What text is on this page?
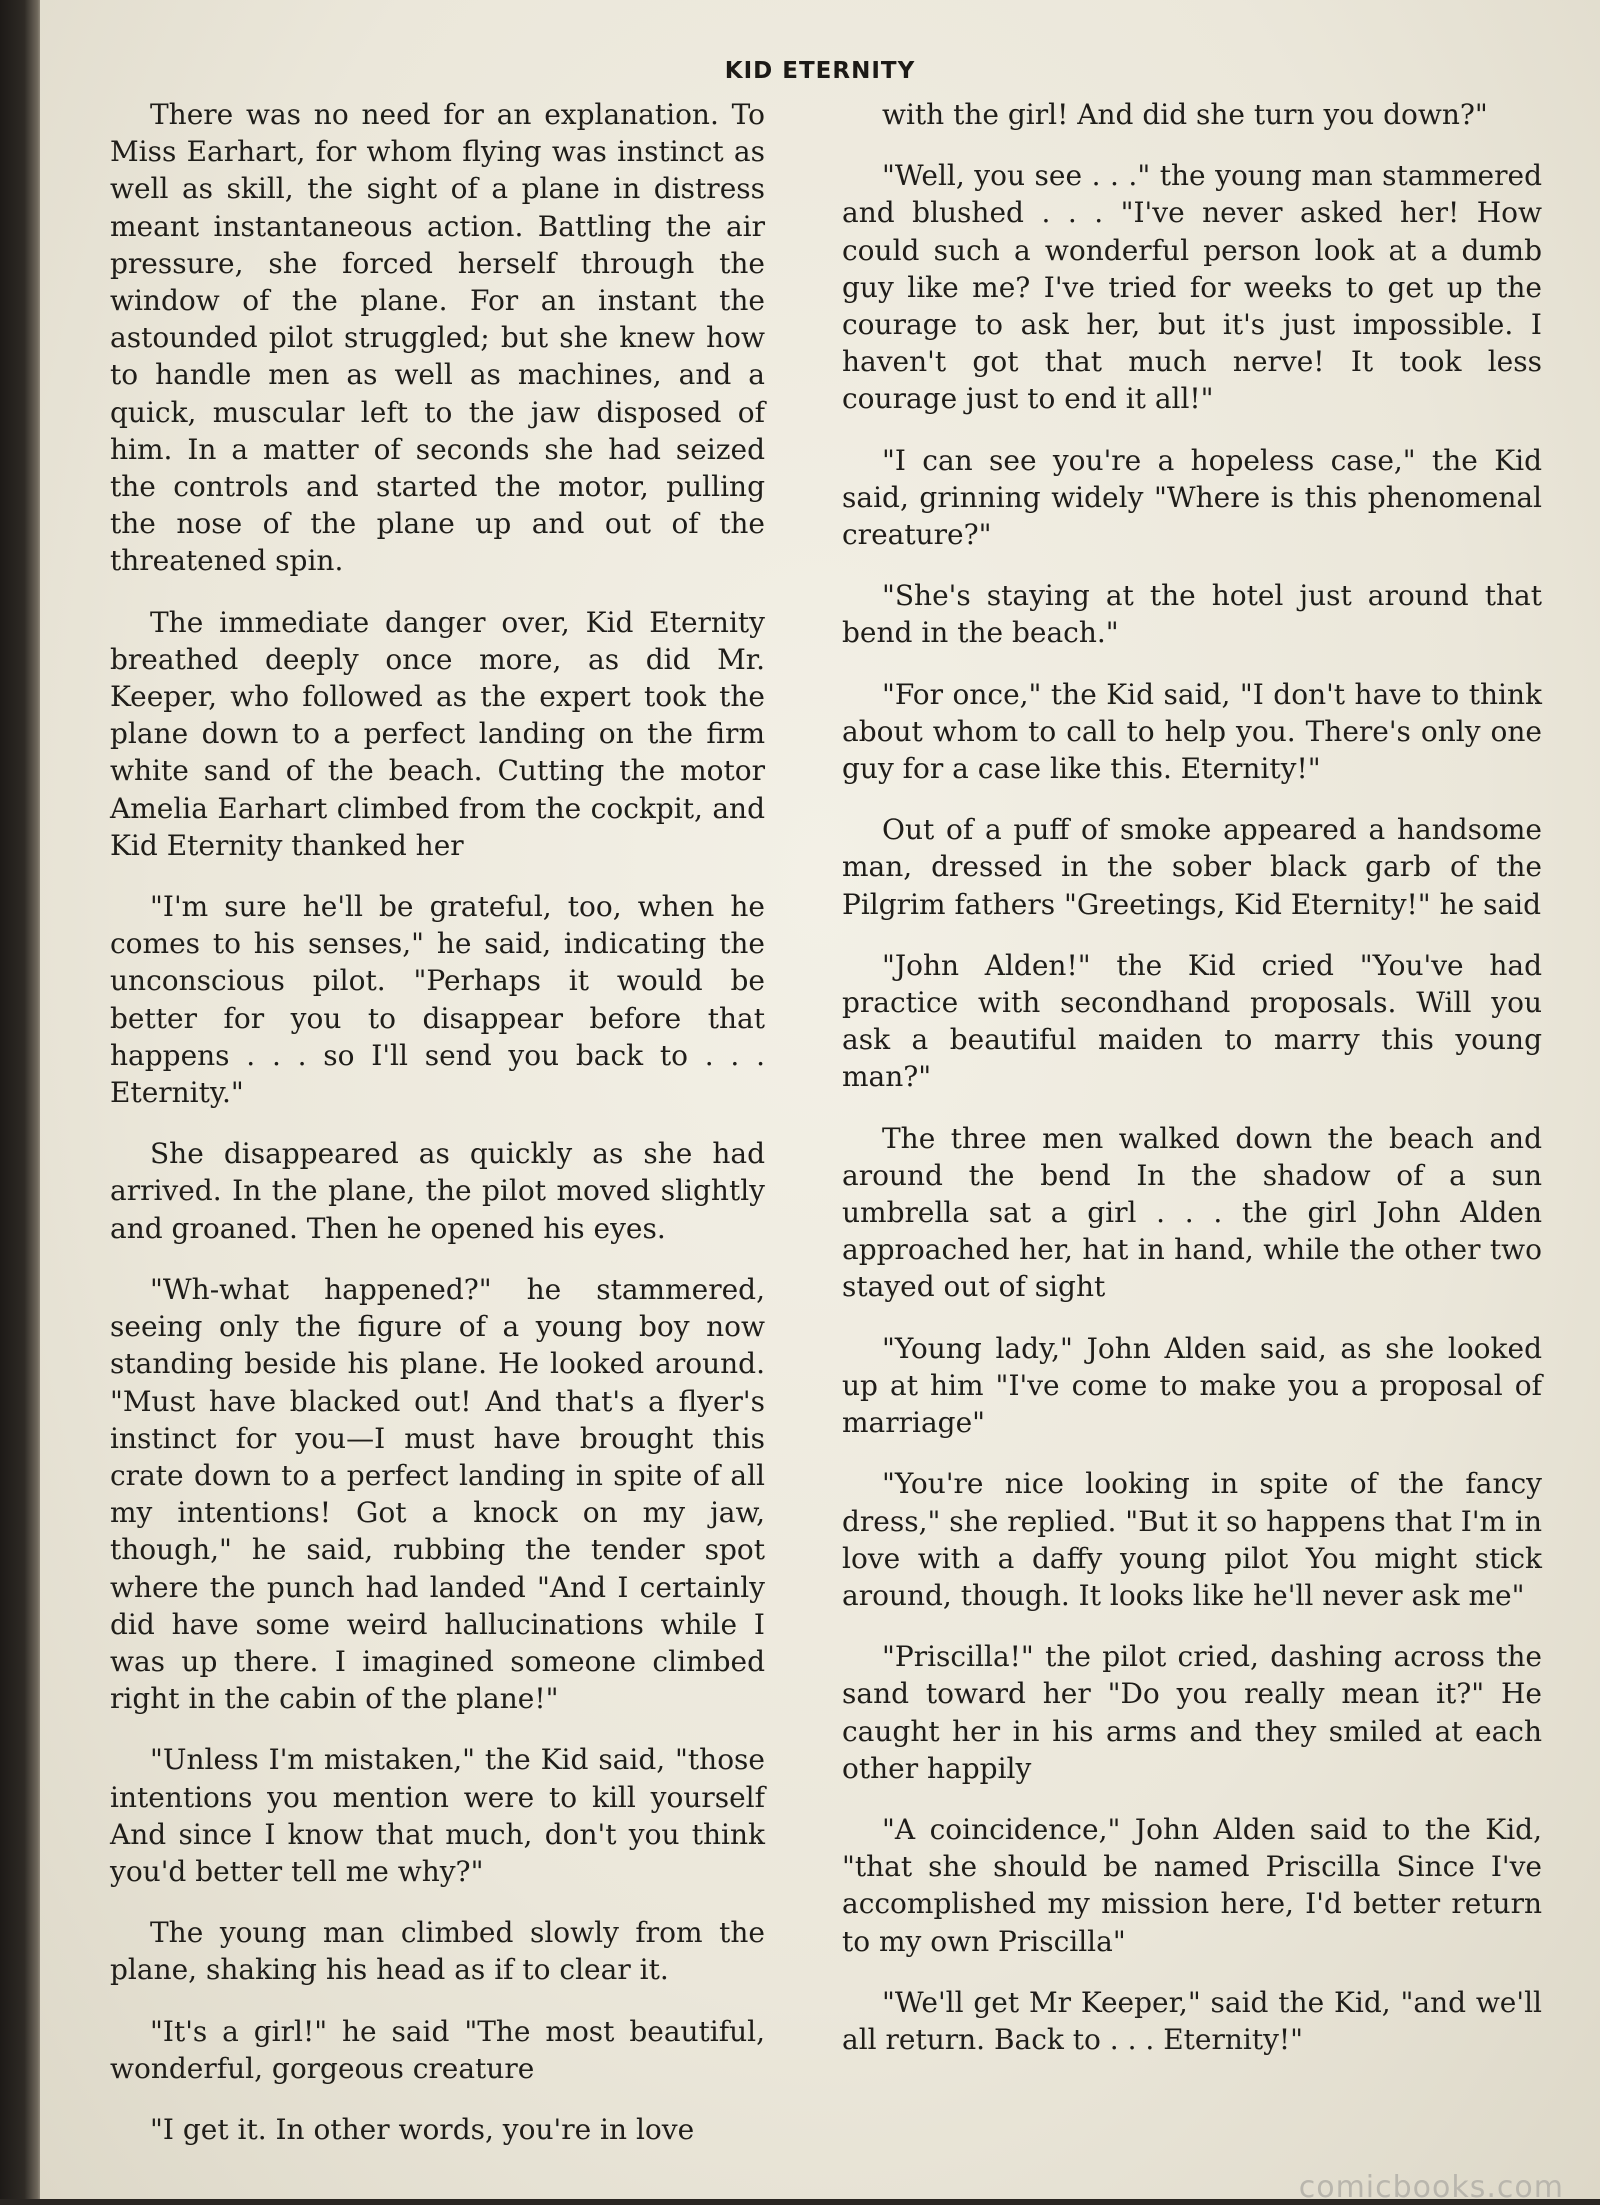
KID ETERNITY

There was no need for an explanation. To Miss Earhart, for whom flying was instinct as well as skill, the sight of a plane in distress meant instantaneous action. Battling the air pressure, she forced herself through the window of the plane. For an instant the astounded pilot struggled; but she knew how to handle men as well as machines, and a quick, muscular left to the jaw disposed of him. In a matter of seconds she had seized the controls and started the motor, pulling the nose of the plane up and out of the threatened spin.

The immediate danger over, Kid Eternity breathed deeply once more, as did Mr. Keeper, who followed as the expert took the plane down to a perfect landing on the firm white sand of the beach. Cutting the motor Amelia Earhart climbed from the cockpit, and Kid Eternity thanked her

"I'm sure he'll be grateful, too, when he comes to his senses," he said, indicating the unconscious pilot. "Perhaps it would be better for you to disappear before that happens . . . so I'll send you back to . . . Eternity."

She disappeared as quickly as she had arrived. In the plane, the pilot moved slightly and groaned. Then he opened his eyes.

"Wh-what happened?" he stammered, seeing only the figure of a young boy now standing beside his plane. He looked around. "Must have blacked out! And that's a flyer's instinct for you—I must have brought this crate down to a perfect landing in spite of all my intentions! Got a knock on my jaw, though," he said, rubbing the tender spot where the punch had landed "And I certainly did have some weird hallucinations while I was up there. I imagined someone climbed right in the cabin of the plane!"

"Unless I'm mistaken," the Kid said, "those intentions you mention were to kill yourself And since I know that much, don't you think you'd better tell me why?"

The young man climbed slowly from the plane, shaking his head as if to clear it.

"It's a girl!" he said "The most beautiful, wonderful, gorgeous creature

"I get it. In other words, you're in love

with the girl! And did she turn you down?"

"Well, you see . . ." the young man stammered and blushed . . . "I've never asked her! How could such a wonderful person look at a dumb guy like me? I've tried for weeks to get up the courage to ask her, but it's just impossible. I haven't got that much nerve! It took less courage just to end it all!"

"I can see you're a hopeless case," the Kid said, grinning widely "Where is this phenomenal creature?"

"She's staying at the hotel just around that bend in the beach."

"For once," the Kid said, "I don't have to think about whom to call to help you. There's only one guy for a case like this. Eternity!"

Out of a puff of smoke appeared a handsome man, dressed in the sober black garb of the Pilgrim fathers "Greetings, Kid Eternity!" he said

"John Alden!" the Kid cried "You've had practice with secondhand proposals. Will you ask a beautiful maiden to marry this young man?"

The three men walked down the beach and around the bend In the shadow of a sun umbrella sat a girl . . . the girl John Alden approached her, hat in hand, while the other two stayed out of sight

"Young lady," John Alden said, as she looked up at him "I've come to make you a proposal of marriage"

"You're nice looking in spite of the fancy dress," she replied. "But it so happens that I'm in love with a daffy young pilot You might stick around, though. It looks like he'll never ask me"

"Priscilla!" the pilot cried, dashing across the sand toward her "Do you really mean it?" He caught her in his arms and they smiled at each other happily

"A coincidence," John Alden said to the Kid, "that she should be named Priscilla Since I've accomplished my mission here, I'd better return to my own Priscilla"

"We'll get Mr Keeper," said the Kid, "and we'll all return. Back to . . . Eternity!"

comicbooks.com
